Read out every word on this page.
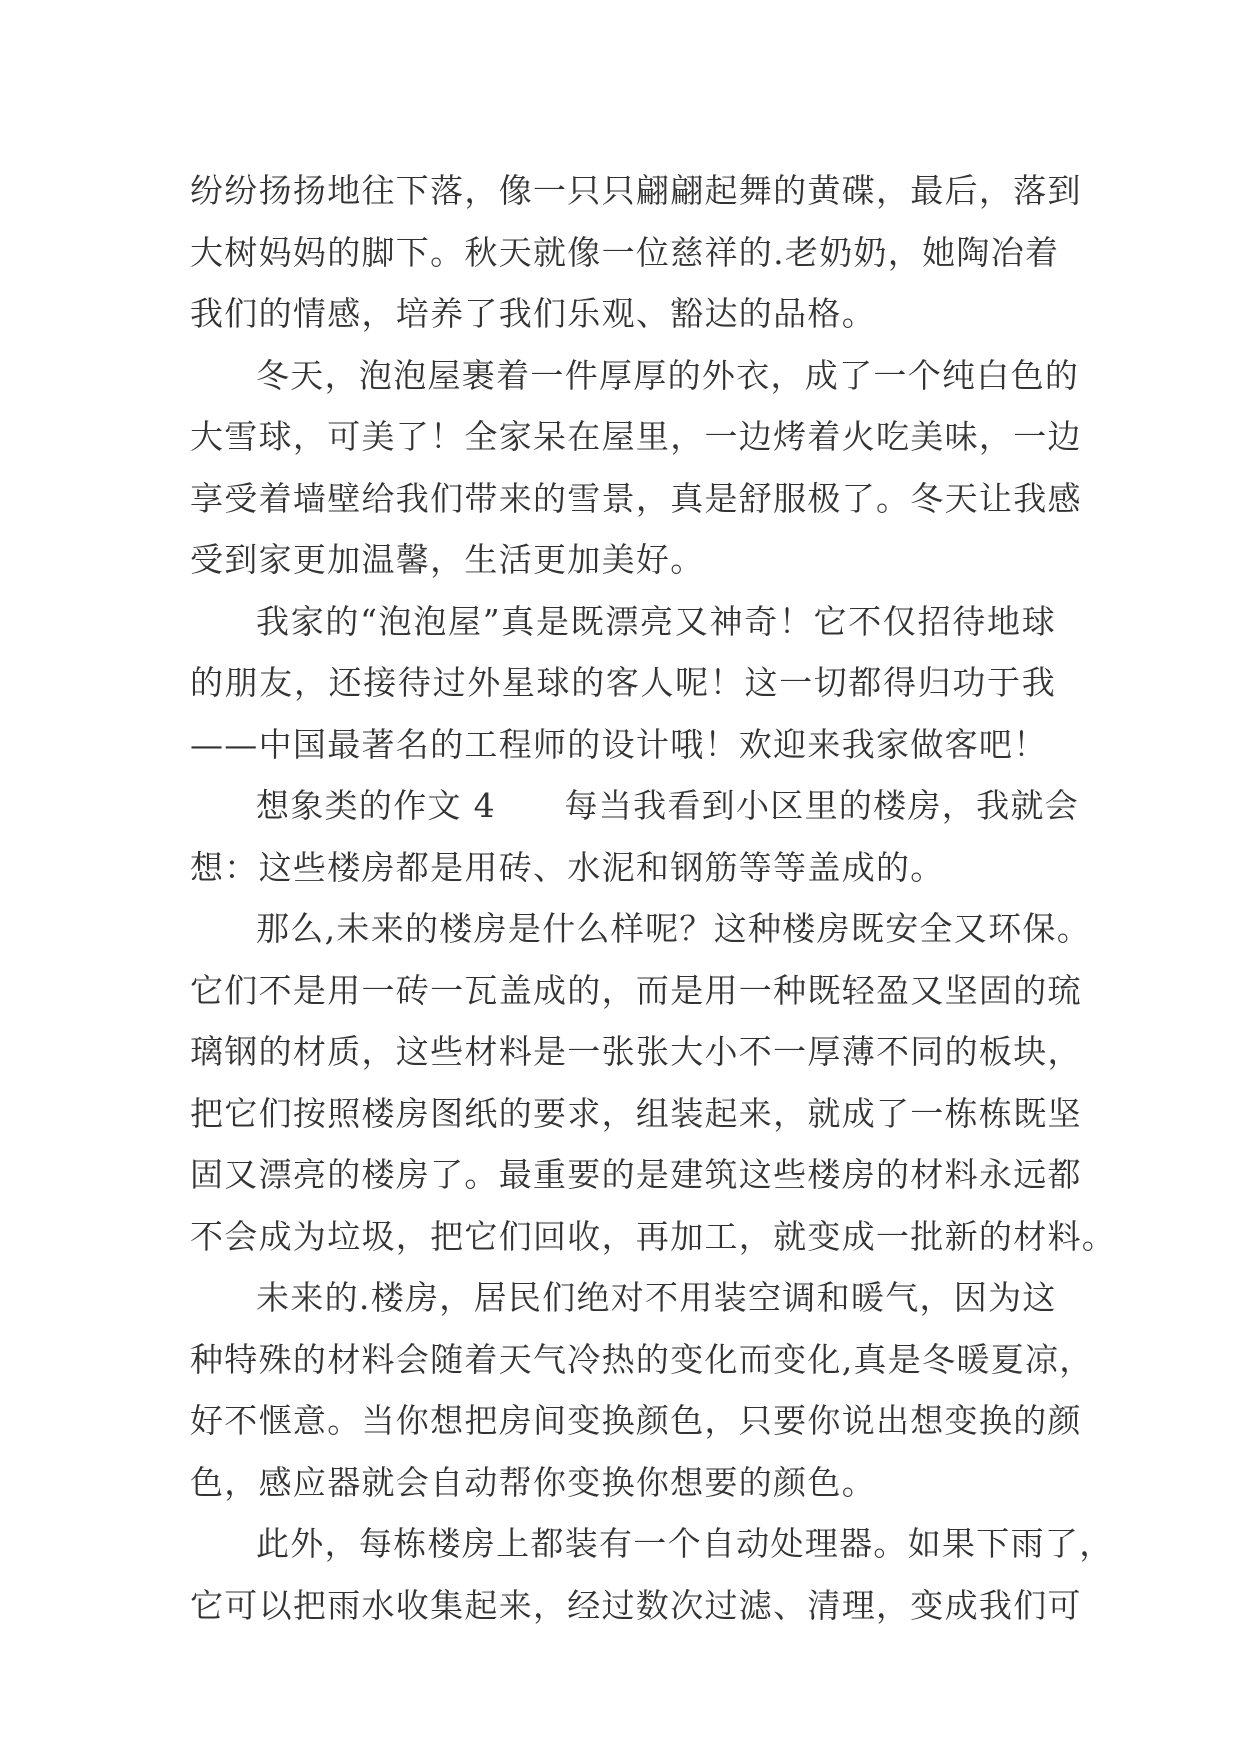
纷纷扬扬地往下落，像一只只翩翩起舞的黄碟，最后，落到
大树妈妈的脚下。秋天就像一位慈祥的.老奶奶，她陶冶着
我们的情感，培养了我们乐观、豁达的品格。
冬天，泡泡屋裹着一件厚厚的外衣，成了一个纯白色的
大雪球，可美了！全家呆在屋里，一边烤着火吃美味，一边
享受着墙壁给我们带来的雪景，真是舒服极了。冬天让我感
受到家更加温馨，生活更加美好。
我家的“泡泡屋”真是既漂亮又神奇！它不仅招待地球
的朋友，还接待过外星球的客人呢！这一切都得归功于我
——中国最著名的工程师的设计哦！欢迎来我家做客吧！
想象类的作文 4　　每当我看到小区里的楼房，我就会
想：这些楼房都是用砖、水泥和钢筋等等盖成的。
那么,未来的楼房是什么样呢？这种楼房既安全又环保。
它们不是用一砖一瓦盖成的，而是用一种既轻盈又坚固的琉
璃钢的材质，这些材料是一张张大小不一厚薄不同的板块，
把它们按照楼房图纸的要求，组装起来，就成了一栋栋既坚
固又漂亮的楼房了。最重要的是建筑这些楼房的材料永远都
不会成为垃圾，把它们回收，再加工，就变成一批新的材料。
未来的.楼房，居民们绝对不用装空调和暖气，因为这
种特殊的材料会随着天气冷热的变化而变化,真是冬暖夏凉，
好不惬意。当你想把房间变换颜色，只要你说出想变换的颜
色，感应器就会自动帮你变换你想要的颜色。
此外，每栋楼房上都装有一个自动处理器。如果下雨了，
它可以把雨水收集起来，经过数次过滤、清理，变成我们可
